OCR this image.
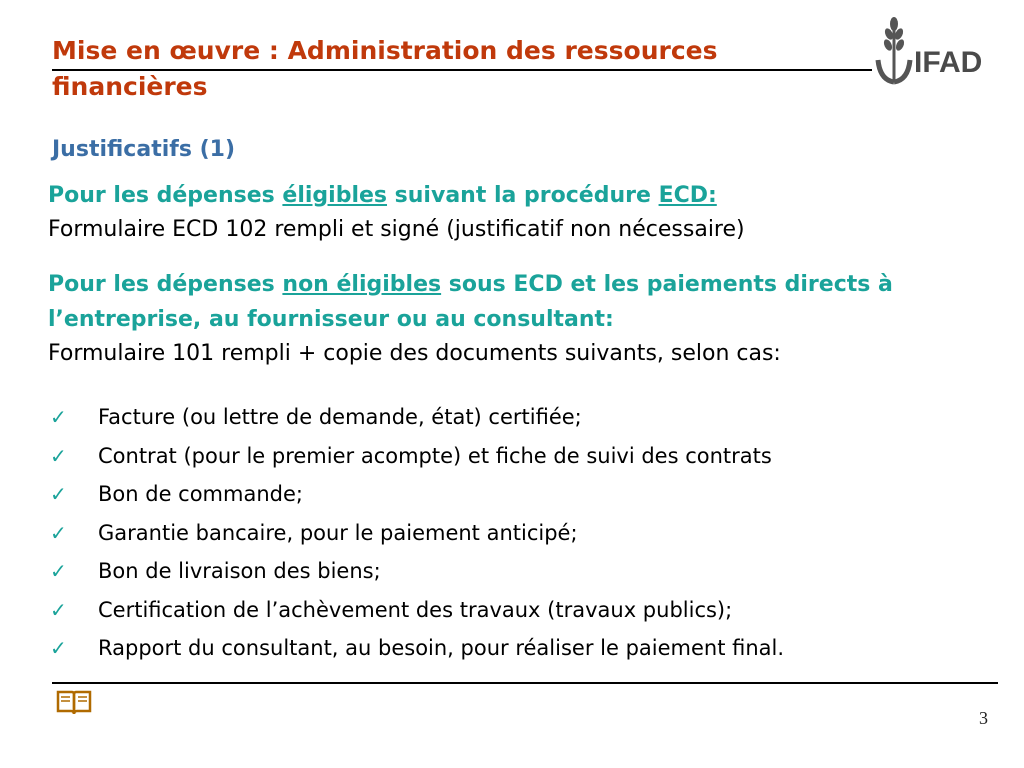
Mise en œuvre : Administration des ressources financières
IFAD
Justificatifs (1)
Pour les dépenses éligibles suivant la procédure ECD:
Formulaire ECD 102 rempli et signé (justificatif non nécessaire)
Pour les dépenses non éligibles sous ECD et les paiements directs à l’entreprise, au fournisseur ou au consultant:
Formulaire 101 rempli + copie des documents suivants, selon cas:
✓	Facture (ou lettre de demande, état) certifiée;
✓	Contrat (pour le premier acompte) et fiche de suivi des contrats
✓	Bon de commande;
✓	Garantie bancaire, pour le paiement anticipé;
✓	Bon de livraison des biens;
✓	Certification de l’achèvement des travaux (travaux publics);
✓	Rapport du consultant, au besoin, pour réaliser le paiement final.
3
